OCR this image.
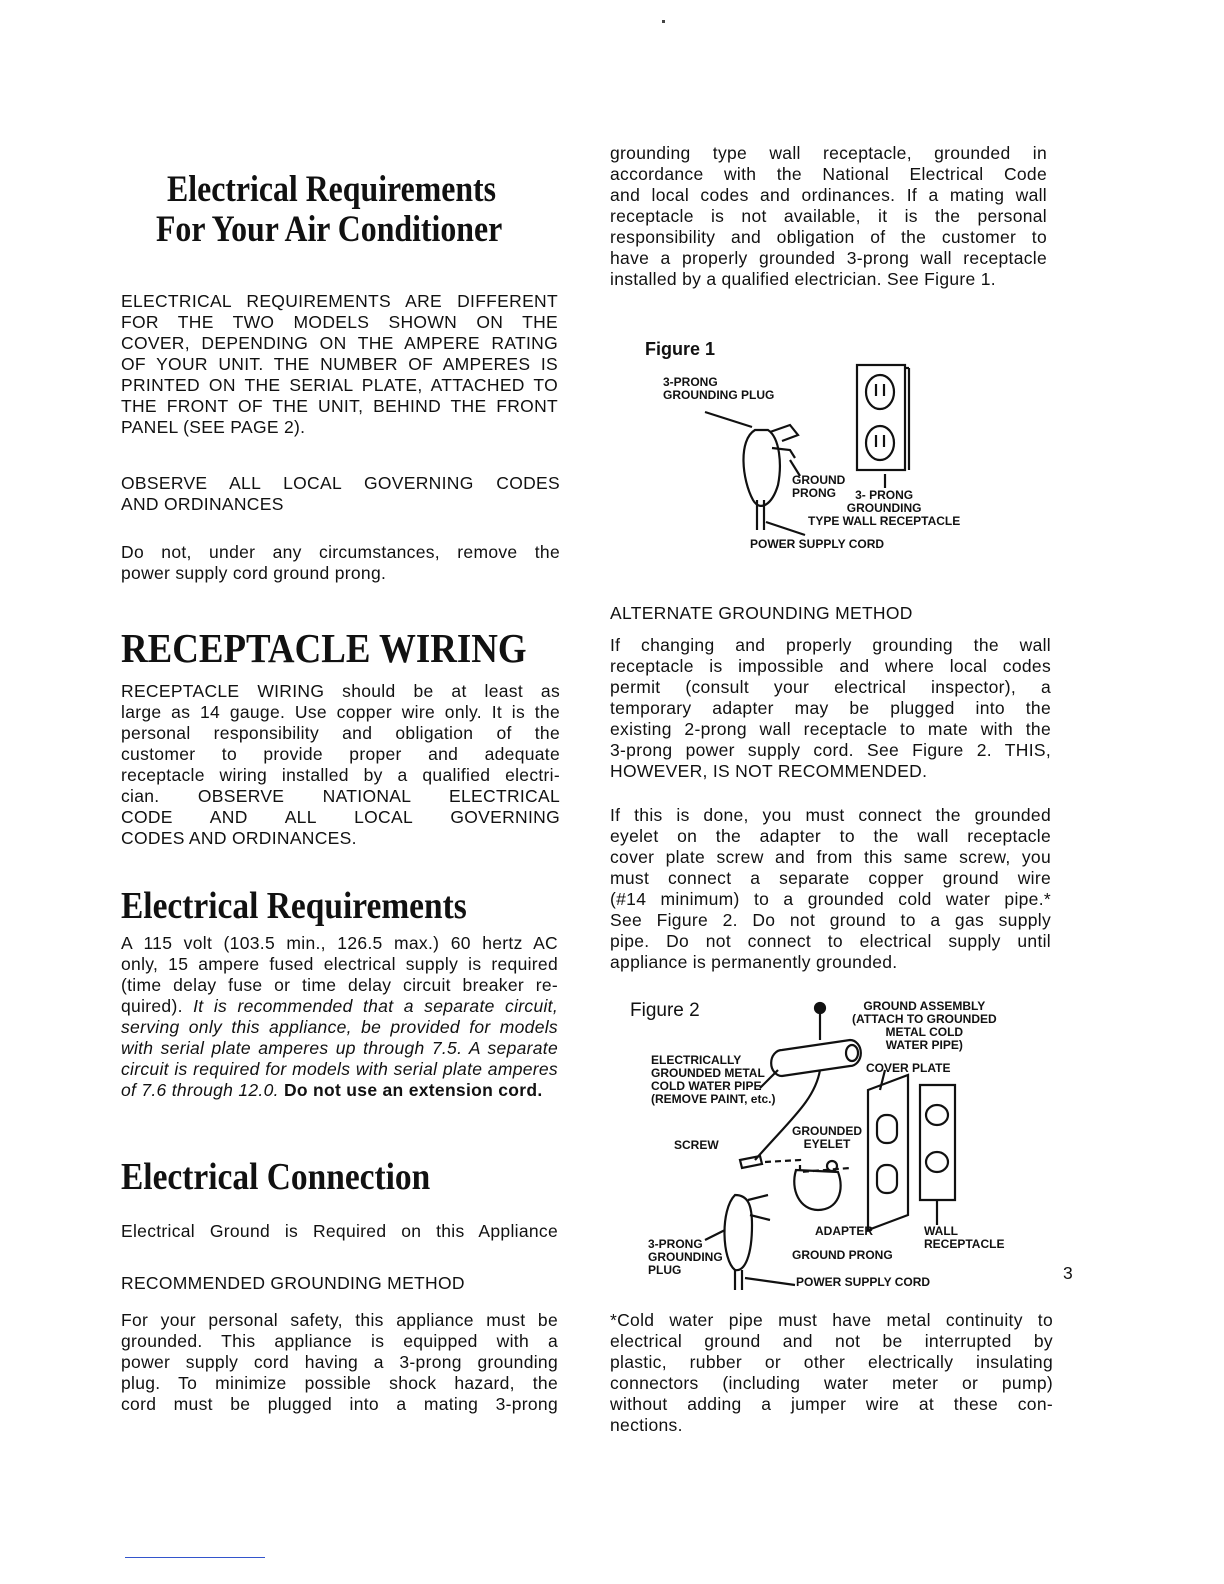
Electrical Requirements
For Your Air Conditioner
ELECTRICAL REQUIREMENTS ARE DIFFERENT
FOR THE TWO MODELS SHOWN ON THE
COVER, DEPENDING ON THE AMPERE RATING
OF YOUR UNIT. THE NUMBER OF AMPERES IS
PRINTED ON THE SERIAL PLATE, ATTACHED TO
THE FRONT OF THE UNIT, BEHIND THE FRONT
PANEL (SEE PAGE 2).
OBSERVE ALL LOCAL GOVERNING CODES
AND ORDINANCES
Do not, under any circumstances, remove the
power supply cord ground prong.
RECEPTACLE WIRING
RECEPTACLE WIRING should be at least as
large as 14 gauge. Use copper wire only. It is the
personal responsibility and obligation of the
customer to provide proper and adequate
receptacle wiring installed by a qualified electri-
cian. OBSERVE NATIONAL ELECTRICAL
CODE AND ALL LOCAL GOVERNING
CODES AND ORDINANCES.
Electrical Requirements
A 115 volt (103.5 min., 126.5 max.) 60 hertz AC
only, 15 ampere fused electrical supply is required
(time delay fuse or time delay circuit breaker re-
quired). It is recommended that a separate circuit,
serving only this appliance, be provided for models
with serial plate amperes up through 7.5. A separate
circuit is required for models with serial plate amperes
of 7.6 through 12.0. Do not use an extension cord.
Electrical Connection
Electrical Ground is Required on this Appliance
RECOMMENDED GROUNDING METHOD
For your personal safety, this appliance must be
grounded. This appliance is equipped with a
power supply cord having a 3-prong grounding
plug. To minimize possible shock hazard, the
cord must be plugged into a mating 3-prong
grounding type wall receptacle, grounded in
accordance with the National Electrical Code
and local codes and ordinances. If a mating wall
receptacle is not available, it is the personal
responsibility and obligation of the customer to
have a properly grounded 3-prong wall receptacle
installed by a qualified electrician. See Figure 1.
Figure 1
3-PRONG
GROUNDING PLUG
GROUND
PRONG	3- PRONG
GROUNDING
TYPE WALL RECEPTACLE
POWER SUPPLY CORD
ALTERNATE GROUNDING METHOD
If changing and properly grounding the wall
receptacle is impossible and where local codes
permit (consult your electrical inspector), a
temporary adapter may be plugged into the
existing 2-prong wall receptacle to mate with the
3-prong power supply cord. See Figure 2. THIS,
HOWEVER, IS NOT RECOMMENDED.
If this is done, you must connect the grounded
eyelet on the adapter to the wall receptacle
cover plate screw and from this same screw, you
must connect a separate copper ground wire
(#14 minimum) to a grounded cold water pipe.*
See Figure 2. Do not ground to a gas supply
pipe. Do not connect to electrical supply until
appliance is permanently grounded.
Figure 2	GROUND ASSEMBLY
(ATTACH TO GROUNDED
METAL COLD
WATER PIPE)
ELECTRICALLY
GROUNDED METAL
COLD WATER PIPE
(REMOVE PAINT, etc.)
COVER PLATE
GROUNDED
EYELET
SCREW
ADAPTER	WALL
RECEPTACLE
3-PRONG
GROUNDING
PLUG
GROUND PRONG
POWER SUPPLY CORD
*Cold water pipe must have metal continuity to
electrical ground and not be interrupted by
plastic, rubber or other electrically insulating
connectors (including water meter or pump)
without adding a jumper wire at these con-
nections.
3
